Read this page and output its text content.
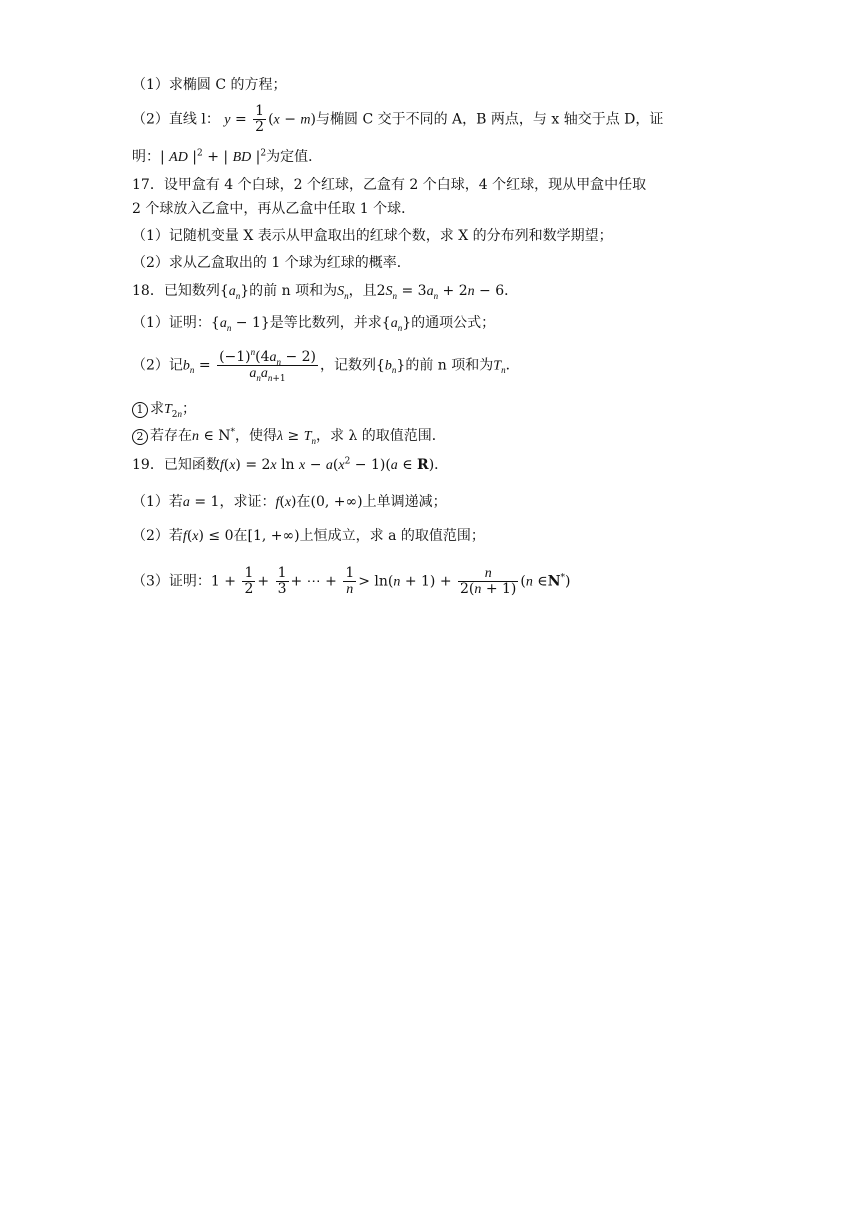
（1）求椭圆 C 的方程；
（2）直线 l： $y = \frac{1}{2} (x - m)$与椭圆 C 交于不同的 A，B 两点，与 x 轴交于点 D，证
明：| AD $|^2$ + | BD $|^2$为定值．
17．设甲盒有 4 个白球，2 个红球，乙盒有 2 个白球，4 个红球，现从甲盒中任取
2 个球放入乙盒中，再从乙盒中任取 1 个球．
（1）记随机变量 X 表示从甲盒取出的红球个数，求 X 的分布列和数学期望；
（2）求从乙盒取出的 1 个球为红球的概率．
18．已知数列$\{a_n\}$的前 n 项和为$S_n$，且$2S_n = 3a_n + 2n - 6$．
（1）证明：$\{a_n - 1\}$是等比数列，并求$\{a_n\}$的通项公式；
（2）记$b_n = \frac{(-1)^n(4a_n - 2)}{a_na_{n+1}}$ ，记数列$\{b_n\}$的前 n 项和为$T_n$．
1 求$T_{2n}$；
2 若存在n ∈ N*，使得$\lambda \ge T_n$，求 λ 的取值范围．
19．已知函数f(x) = 2x $\ln x - a(x^2 - 1)(a$ ∈ R)．
（1）若a = 1，求证：f(x)在(0, +∞)上单调递减；
（2）若f(x) ≤ 0在[1, +∞)上恒成立，求 a 的取值范围；
（3）证明：$1 + \frac{1}{2} + \frac{1}{3}$ + ⋯ + $\frac{1}{n} > \ln(n + 1) + \frac{n}{2(n + 1)} (n$ ∈N*)
